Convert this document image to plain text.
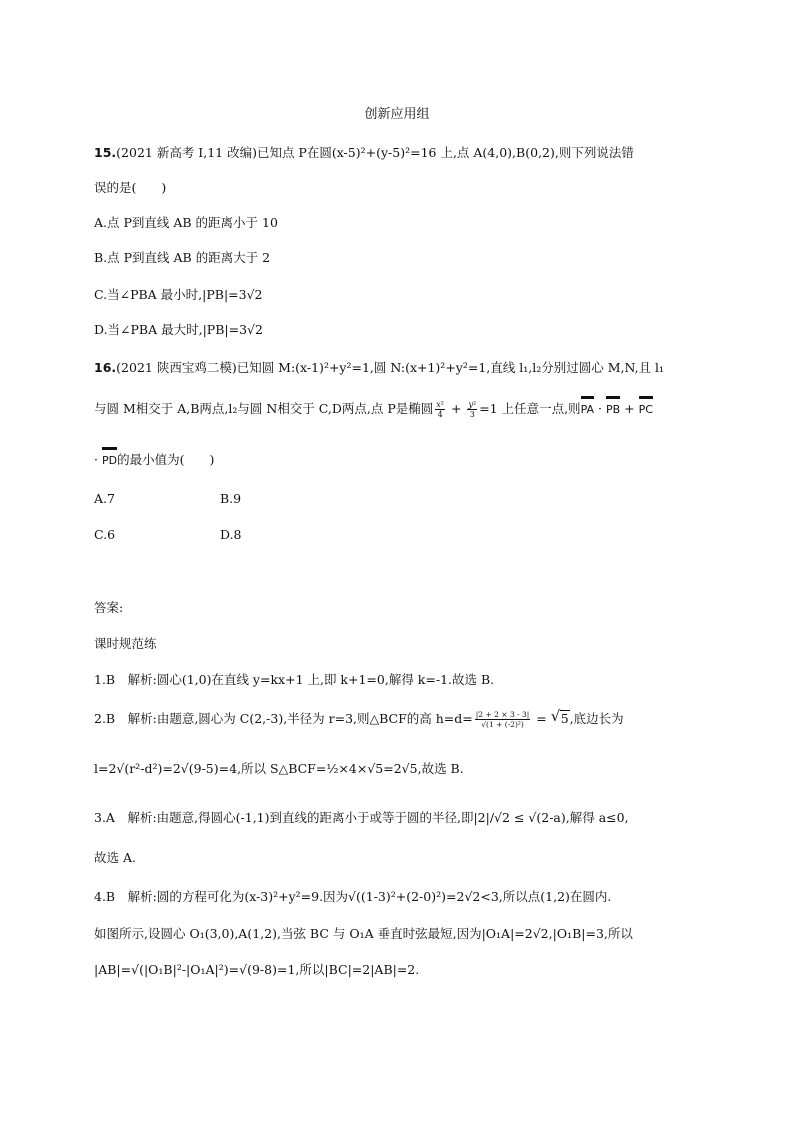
创新应用组
15.(2021 新高考 Ⅰ,11 改编)已知点 P在圆(x-5)²+(y-5)²=16 上,点 A(4,0),B(0,2),则下列说法错
误的是(　　)
A.点 P到直线 AB 的距离小于 10
B.点 P到直线 AB 的距离大于 2
C.当∠PBA 最小时,|PB|=3√2
D.当∠PBA 最大时,|PB|=3√2
16.(2021 陕西宝鸡二模)已知圆 M:(x-1)²+y²=1,圆 N:(x+1)²+y²=1,直线 l₁,l₂分别过圆心 M,N,且 l₁
与圆 M相交于 A,B两点,l₂与圆 N相交于 C,D两点,点 P是椭圆 $\frac{\text{x²}}{4} + \frac{\text{y²}}{3} =1$ 上任意一点,则PA · PB + PC
· PD的最小值为(　　)
A.7	B.9
C.6	D.8
答案:
课时规范练
1.B　解析:圆心(1,0)在直线 y=kx+1 上,即 k+1=0,解得 k=-1.故选 B.
2.B　解析:由题意,圆心为 C(2,-3),半径为 r=3,则△BCF的高 $h=d= \frac{|2 + 2 \times 3 - 3|}{\text{√(1 + (-2)²)}}$ = √ 5,底边长为
l=2√(r²-d²)=2√(9-5)=4,所以 S△BCF=½×4×√5=2√5,故选 B.
3.A　解析:由题意,得圆心(-1,1)到直线的距离小于或等于圆的半径,即|2|/√2 ≤ √(2-a),解得 a≤0,
故选 A.
4.B　解析:圆的方程可化为(x-3)²+y²=9.因为√((1-3)²+(2-0)²)=2√2<3,所以点(1,2)在圆内.
如图所示,设圆心 O₁(3,0),A(1,2),当弦 BC 与 O₁A 垂直时弦最短,因为|O₁A|=2√2,|O₁B|=3,所以
|AB|=√(|O₁B|²-|O₁A|²)=√(9-8)=1,所以|BC|=2|AB|=2.
